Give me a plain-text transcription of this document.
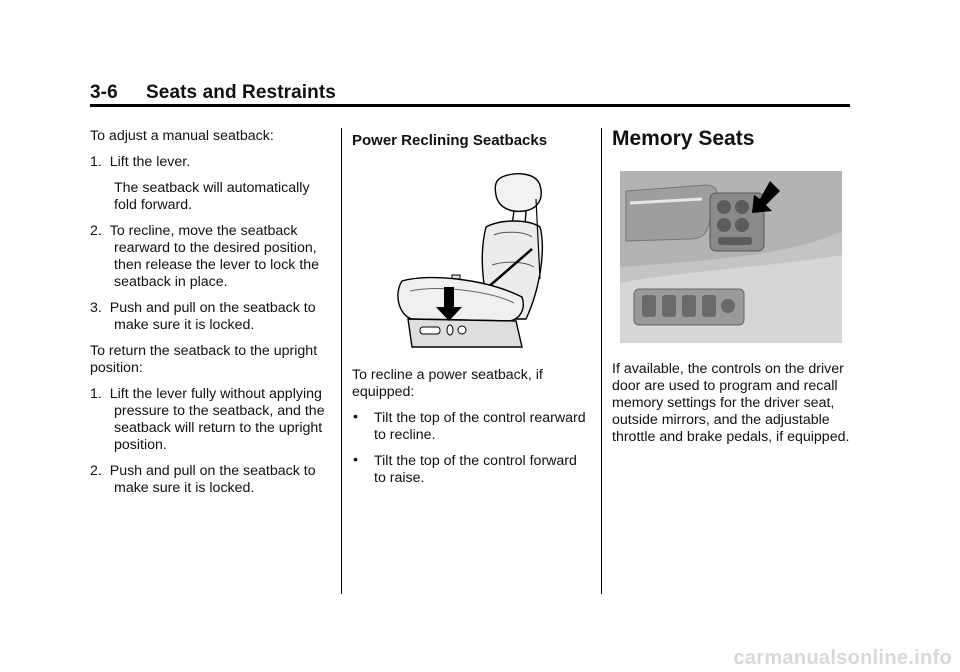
3-6 Seats and Restraints

To adjust a manual seatback:

1. Lift the lever.

The seatback will automatically fold forward.

2. To recline, move the seatback rearward to the desired position, then release the lever to lock the seatback in place.

3. Push and pull on the seatback to make sure it is locked.

To return the seatback to the upright position:

1. Lift the lever fully without applying pressure to the seatback, and the seatback will return to the upright position.

2. Push and pull on the seatback to make sure it is locked.

Power Reclining Seatbacks

To recline a power seatback, if equipped:

• Tilt the top of the control rearward to recline.

• Tilt the top of the control forward to raise.

Memory Seats

If available, the controls on the driver door are used to program and recall memory settings for the driver seat, outside mirrors, and the adjustable throttle and brake pedals, if equipped.

carmanualsonline.info
